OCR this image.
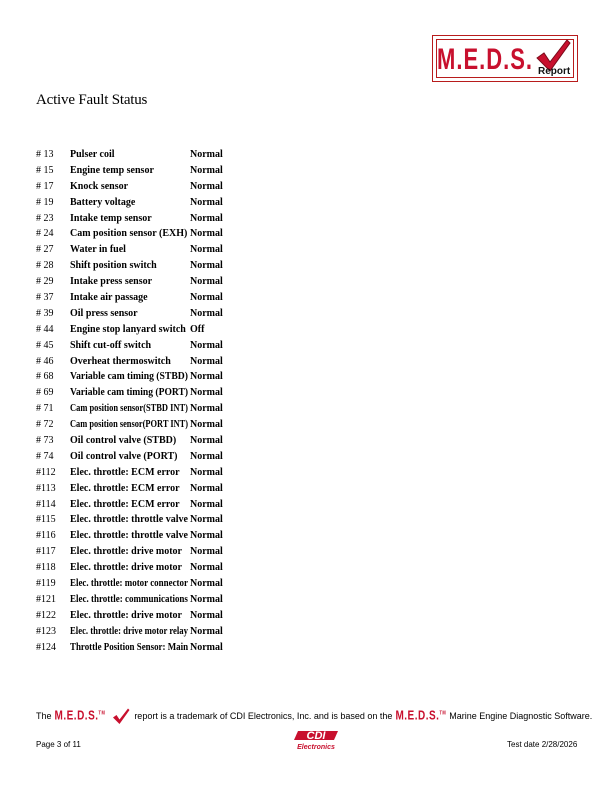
M.E.D.S. Report
Active Fault Status
# 13	Pulser coil	Normal
# 15	Engine temp sensor	Normal
# 17	Knock sensor	Normal
# 19	Battery voltage	Normal
# 23	Intake temp sensor	Normal
# 24	Cam position sensor (EXH) Normal
# 27	Water in fuel	Normal
# 28	Shift position switch	Normal
# 29	Intake press sensor	Normal
# 37	Intake air passage	Normal
# 39	Oil press sensor	Normal
# 44	Engine stop lanyard switch Off
# 45	Shift cut-off switch	Normal
# 46	Overheat thermoswitch Normal
# 68	Variable cam timing (STBD) Normal
# 69	Variable cam timing (PORT) Normal
# 71	Cam position sensor(STBD INT) Normal
# 72	Cam position sensor(PORT INT) Normal
# 73	Oil control valve (STBD) Normal
# 74	Oil control valve (PORT) Normal
#112	Elec. throttle: ECM error Normal
#113	Elec. throttle: ECM error Normal
#114	Elec. throttle: ECM error Normal
#115	Elec. throttle: throttle valve Normal
#116	Elec. throttle: throttle valve Normal
#117	Elec. throttle: drive motor Normal
#118	Elec. throttle: drive motor Normal
#119	Elec. throttle: motor connector Normal
#121	Elec. throttle: communications Normal
#122	Elec. throttle: drive motor Normal
#123	Elec. throttle: drive motor relay Normal
#124	Throttle Position Sensor: Main Normal
The M.E.D.S.™	report is a trademark of CDI Electronics, Inc. and is based on the M.E.D.S.™ Marine Engine Diagnostic Software.
Page 3 of 11
CDI
Electronics	Test date 2/28/2026
